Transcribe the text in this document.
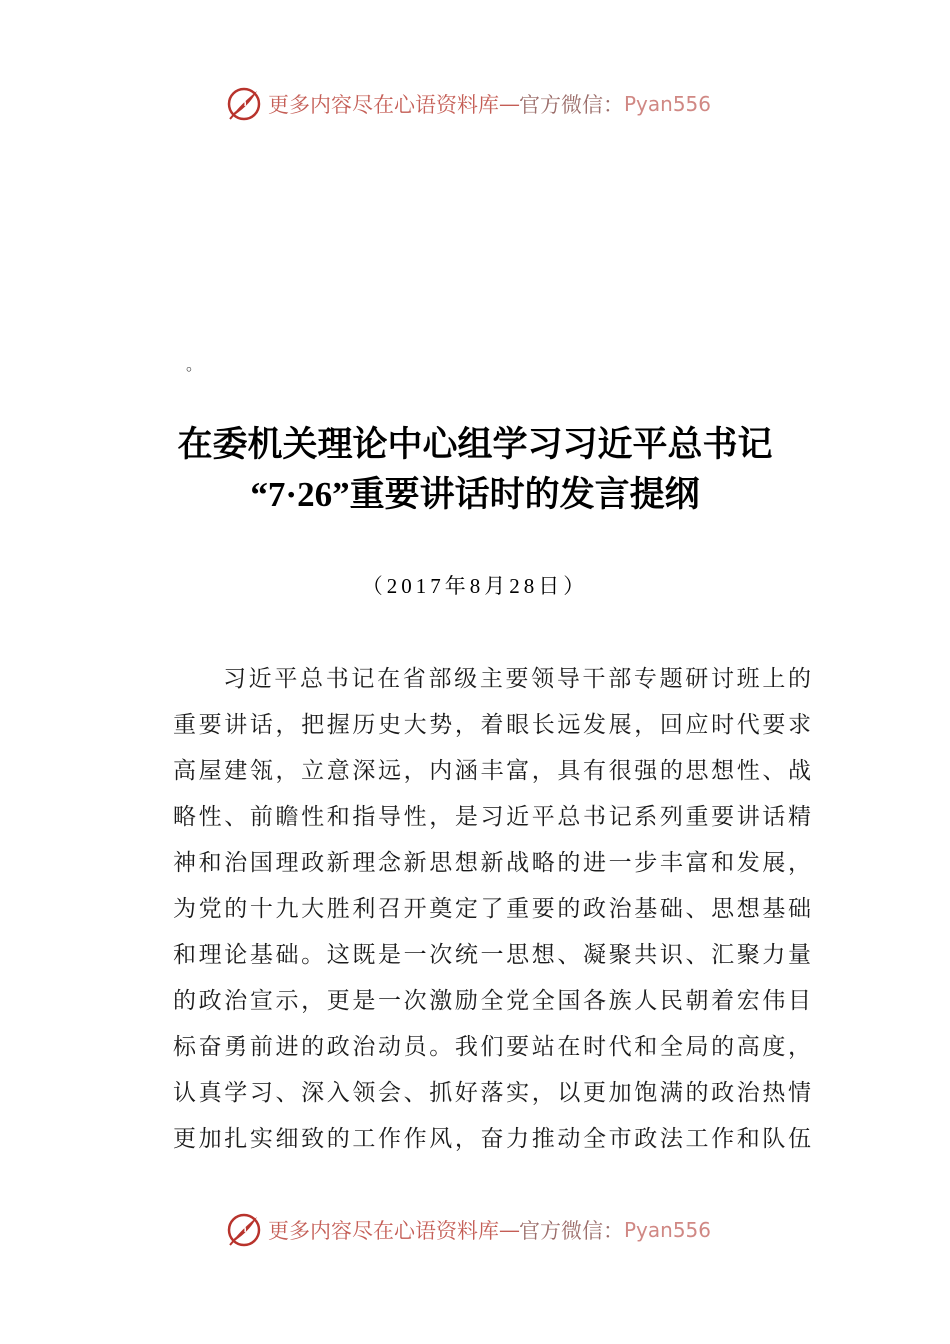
更多内容尽在心语资料库 — 官方微信： Pyan556
。
在委机关理论中心组学习习近平总书记
“7·26”重要讲话时的发言提纲
（2017年8月28日）
习近平总书记在省部级主要领导干部专题研讨班上的
重要讲话，把握历史大势，着眼长远发展，回应时代要求
高屋建瓴，立意深远，内涵丰富，具有很强的思想性、战
略性、前瞻性和指导性，是习近平总书记系列重要讲话精
神和治国理政新理念新思想新战略的进一步丰富和发展，
为党的十九大胜利召开奠定了重要的政治基础、思想基础
和理论基础。这既是一次统一思想、凝聚共识、汇聚力量
的政治宣示，更是一次激励全党全国各族人民朝着宏伟目
标奋勇前进的政治动员。我们要站在时代和全局的高度，
认真学习、深入领会、抓好落实，以更加饱满的政治热情
更加扎实细致的工作作风，奋力推动全市政法工作和队伍
更多内容尽在心语资料库 — 官方微信： Pyan556
